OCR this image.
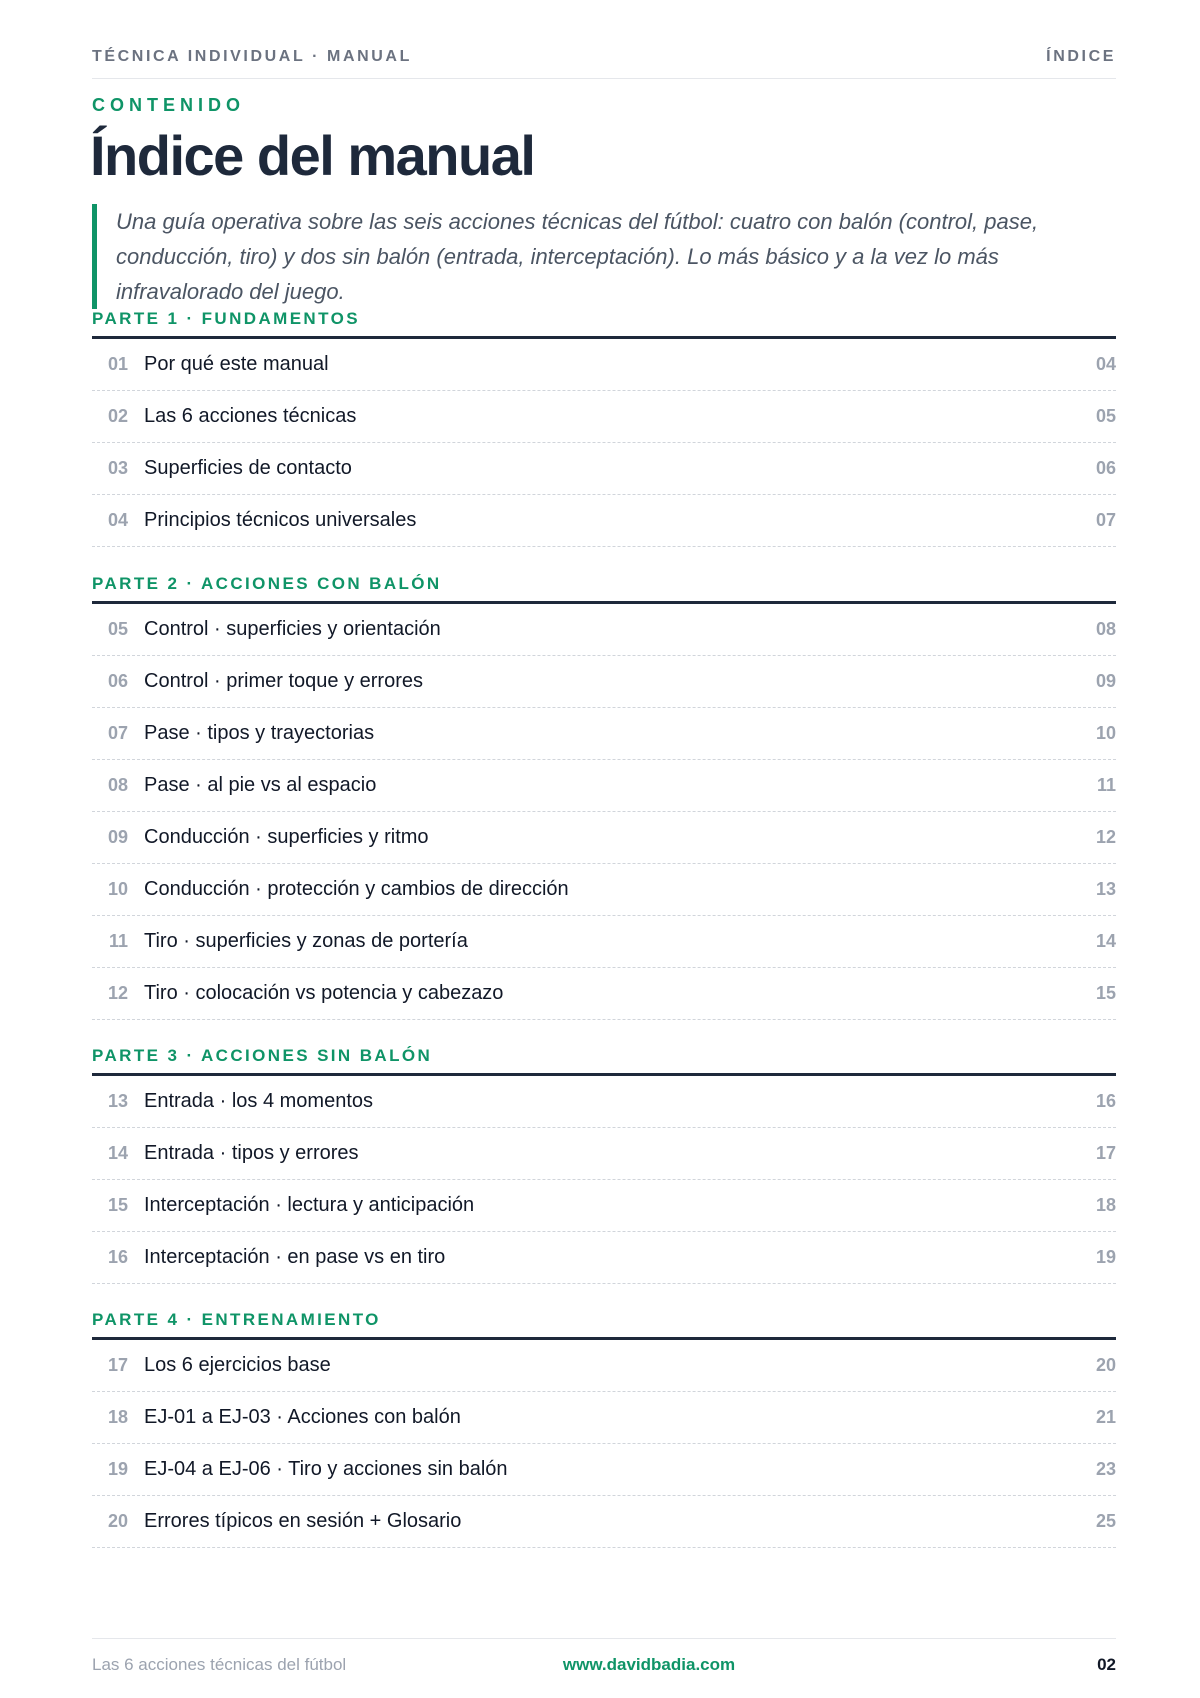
TÉCNICA INDIVIDUAL · MANUAL	ÍNDICE
CONTENIDO
Índice del manual
Una guía operativa sobre las seis acciones técnicas del fútbol: cuatro con balón (control, pase, conducción, tiro) y dos sin balón (entrada, interceptación). Lo más básico y a la vez lo más infravalorado del juego.
PARTE 1 · FUNDAMENTOS
01 Por qué este manual	04
02 Las 6 acciones técnicas	05
03 Superficies de contacto	06
04 Principios técnicos universales	07
PARTE 2 · ACCIONES CON BALÓN
05 Control · superficies y orientación	08
06 Control · primer toque y errores	09
07 Pase · tipos y trayectorias	10
08 Pase · al pie vs al espacio	11
09 Conducción · superficies y ritmo	12
10 Conducción · protección y cambios de dirección	13
11 Tiro · superficies y zonas de portería	14
12 Tiro · colocación vs potencia y cabezazo	15
PARTE 3 · ACCIONES SIN BALÓN
13 Entrada · los 4 momentos	16
14 Entrada · tipos y errores	17
15 Interceptación · lectura y anticipación	18
16 Interceptación · en pase vs en tiro	19
PARTE 4 · ENTRENAMIENTO
17 Los 6 ejercicios base	20
18 EJ-01 a EJ-03 · Acciones con balón	21
19 EJ-04 a EJ-06 · Tiro y acciones sin balón	23
20 Errores típicos en sesión + Glosario	25
Las 6 acciones técnicas del fútbol	www.davidbadia.com	02
